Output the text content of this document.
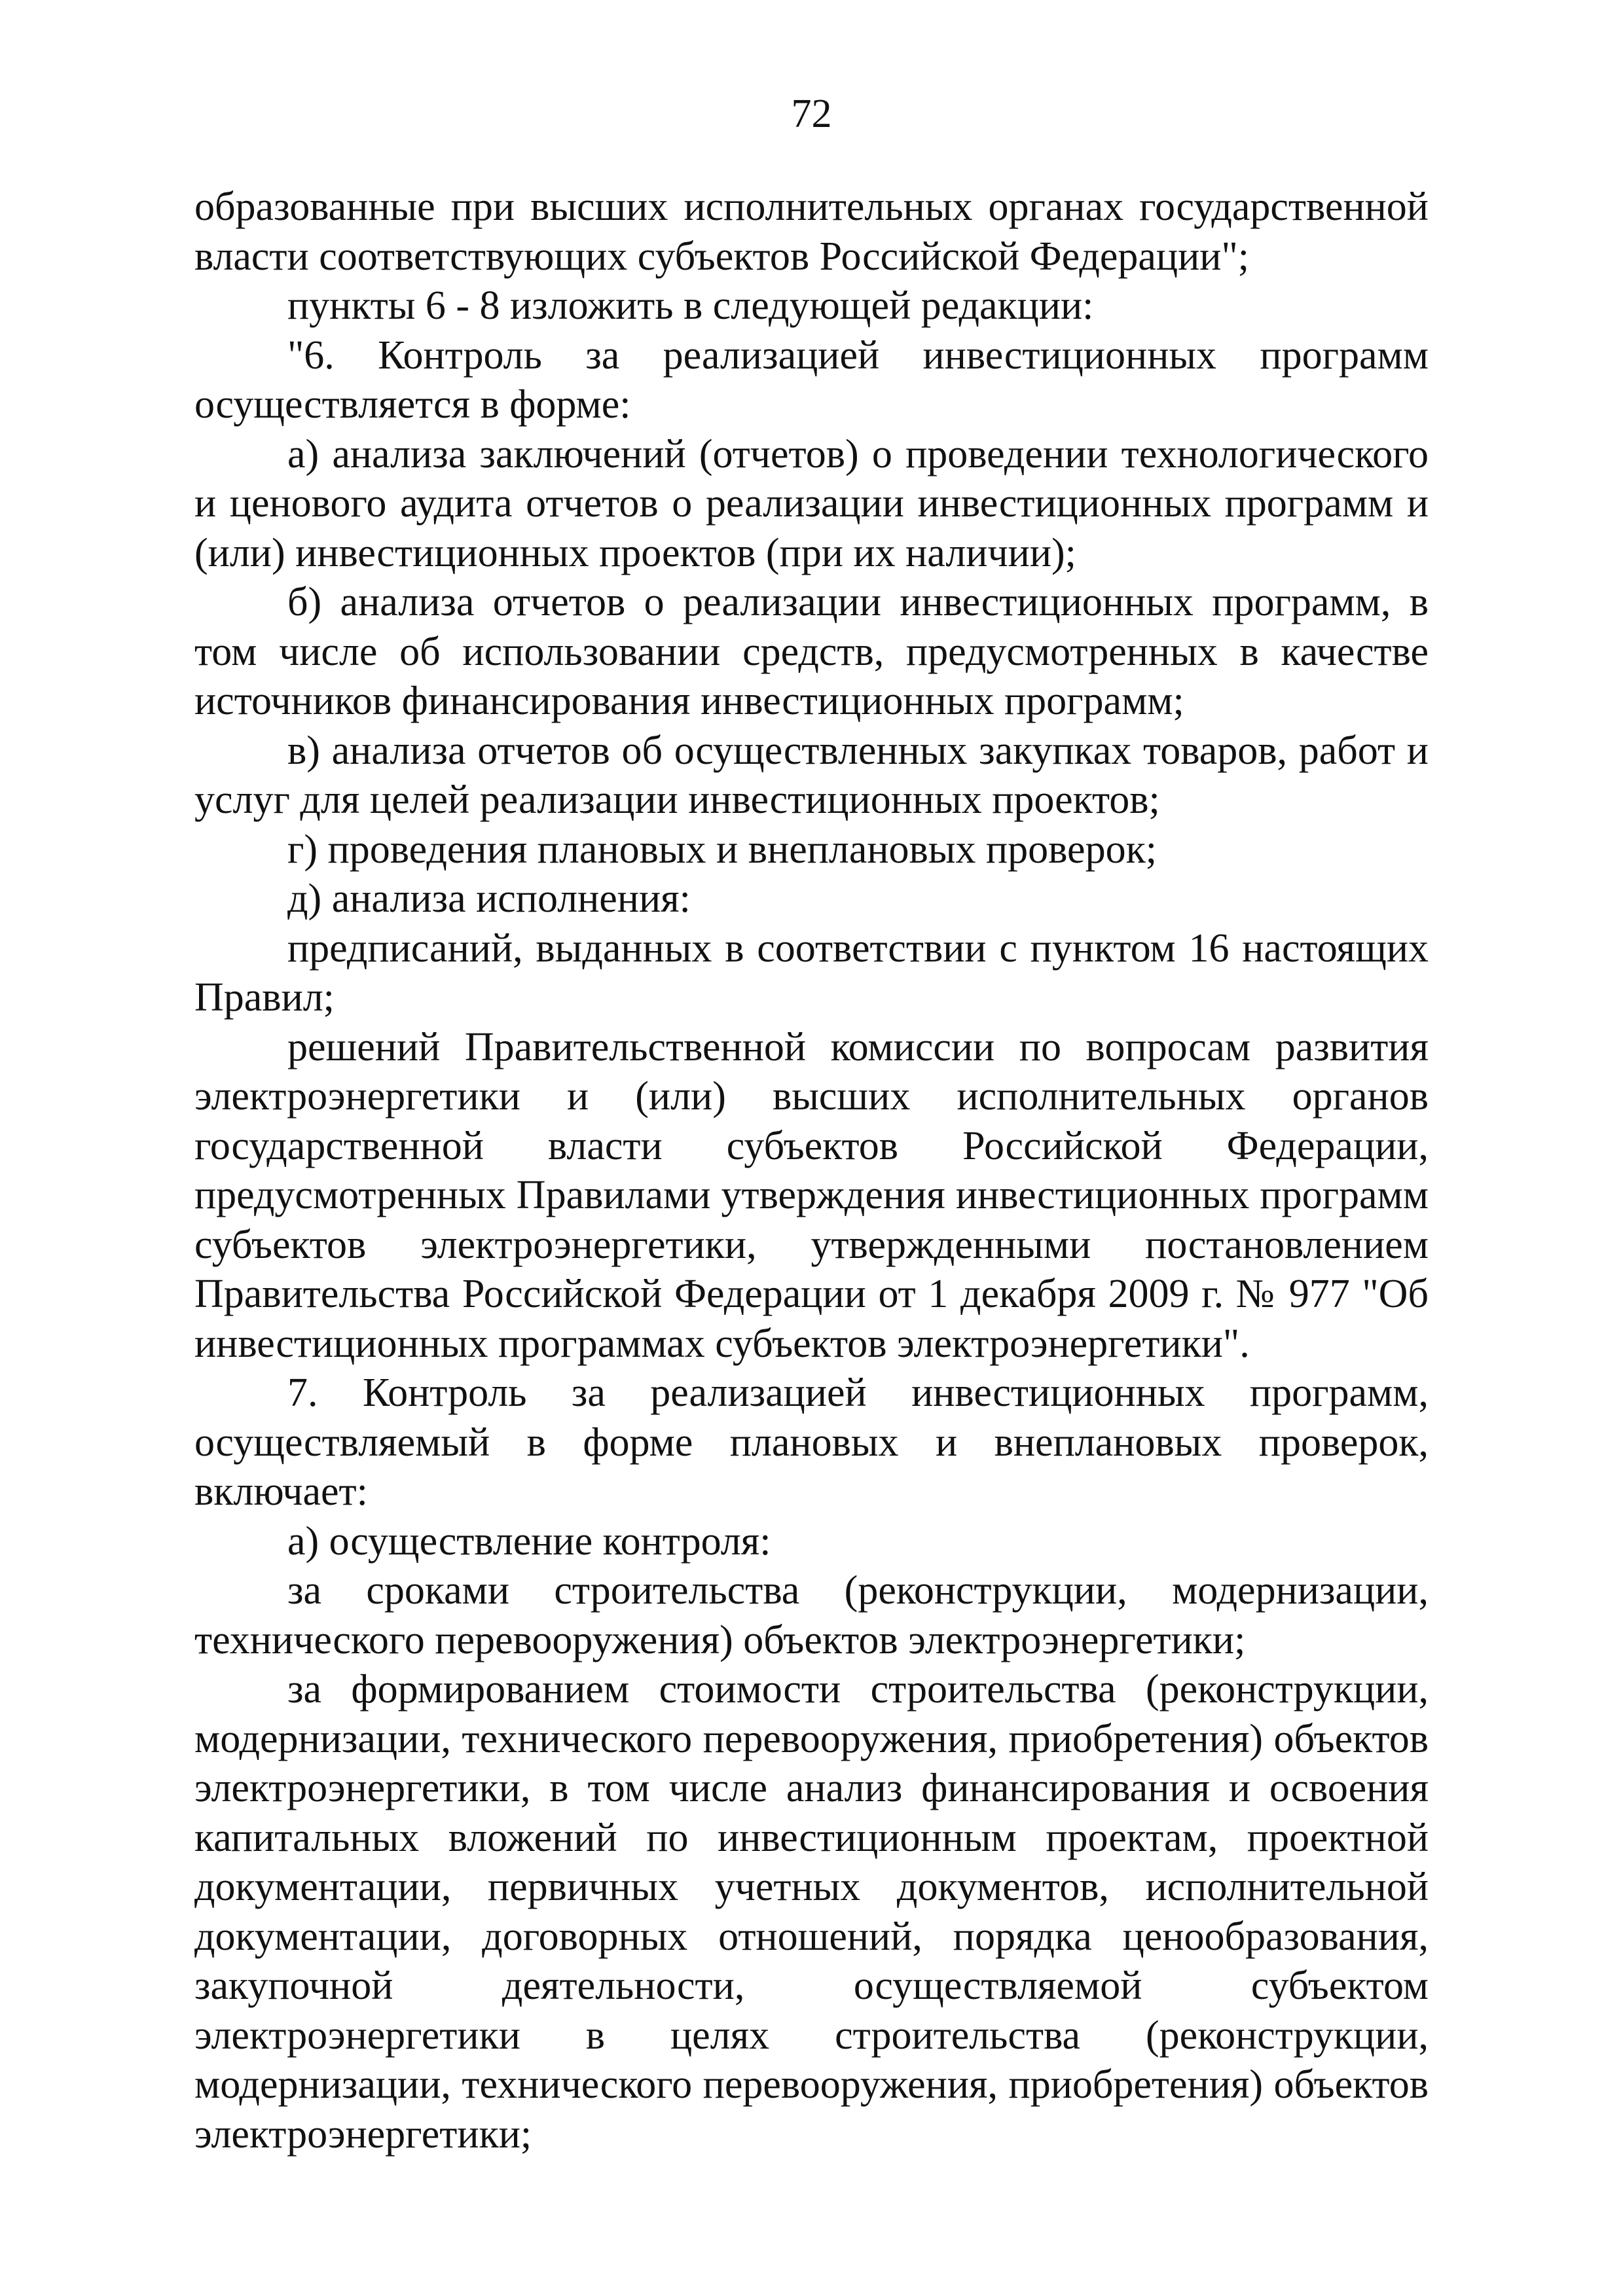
72

образованные при высших исполнительных органах государственной власти соответствующих субъектов Российской Федерации";

пункты 6 - 8 изложить в следующей редакции:

"6. Контроль за реализацией инвестиционных программ осуществляется в форме:

а) анализа заключений (отчетов) о проведении технологического и ценового аудита отчетов о реализации инвестиционных программ и (или) инвестиционных проектов (при их наличии);

б) анализа отчетов о реализации инвестиционных программ, в том числе об использовании средств, предусмотренных в качестве источников финансирования инвестиционных программ;

в) анализа отчетов об осуществленных закупках товаров, работ и услуг для целей реализации инвестиционных проектов;

г) проведения плановых и внеплановых проверок;

д) анализа исполнения:

предписаний, выданных в соответствии с пунктом 16 настоящих Правил;

решений Правительственной комиссии по вопросам развития электроэнергетики и (или) высших исполнительных органов государственной власти субъектов Российской Федерации, предусмотренных Правилами утверждения инвестиционных программ субъектов электроэнергетики, утвержденными постановлением Правительства Российской Федерации от 1 декабря 2009 г. № 977 "Об инвестиционных программах субъектов электроэнергетики".

7. Контроль за реализацией инвестиционных программ, осуществляемый в форме плановых и внеплановых проверок, включает:

а) осуществление контроля:

за сроками строительства (реконструкции, модернизации, технического перевооружения) объектов электроэнергетики;

за формированием стоимости строительства (реконструкции, модернизации, технического перевооружения, приобретения) объектов электроэнергетики, в том числе анализ финансирования и освоения капитальных вложений по инвестиционным проектам, проектной документации, первичных учетных документов, исполнительной документации, договорных отношений, порядка ценообразования, закупочной деятельности, осуществляемой субъектом электроэнергетики в целях строительства (реконструкции, модернизации, технического перевооружения, приобретения) объектов электроэнергетики;
